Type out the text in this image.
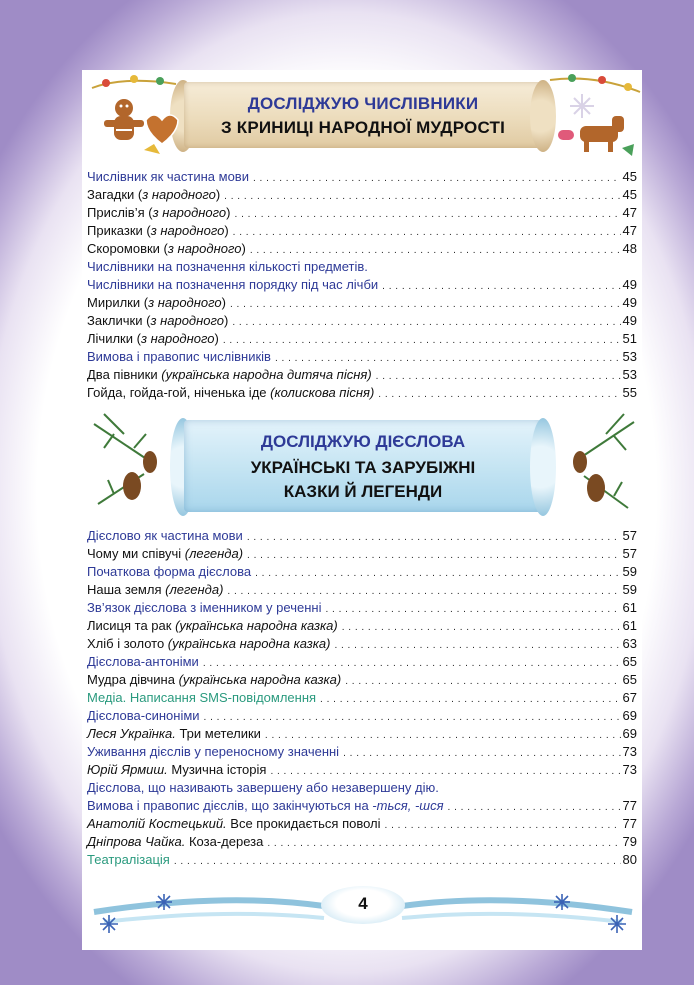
ДОСЛІДЖУЮ ЧИСЛІВНИКИ
З КРИНИЦІ НАРОДНОЇ МУДРОСТІ
Числівник як частина мови . . .	45
Загадки (з народного) . . .	45
Прислів’я (з народного) . . .	47
Приказки (з народного) . . .	47
Скоромовки (з народного) . . .	48
Числівники на позначення кількості предметів.
Числівники на позначення порядку під час лічби . . .	49
Мирилки (з народного) . . .	49
Заклички (з народного) . . .	49
Лічилки (з народного) . . .	51
Вимова і правопис числівників . . .	53
Два півники (українська народна дитяча пісня) . . .	53
Гойда, гойда-гой, ніченька іде (колискова пісня) . . .	55
ДОСЛІДЖУЮ ДІЄСЛОВА
УКРАЇНСЬКІ ТА ЗАРУБІЖНІ
КАЗКИ Й ЛЕГЕНДИ
Дієслово як частина мови . . .	57
Чому ми співучі (легенда) . . .	57
Початкова форма дієслова . . .	59
Наша земля (легенда) . . .	59
Зв’язок дієслова з іменником у реченні . . .	61
Лисиця та рак (українська народна казка) . . .	61
Хліб і золото (українська народна казка) . . .	63
Дієслова-антоніми . . .	65
Мудра дівчина (українська народна казка) . . .	65
Медіа. Написання SMS-повідомлення . . .	67
Дієслова-синоніми . . .	69
Леся Українка. Три метелики . . .	69
Уживання дієслів у переносному значенні . . .	73
Юрій Ярмиш. Музична історія . . .	73
Дієслова, що називають завершену або незавершену дію.
Вимова і правопис дієслів, що закінчуються на -ться, -шся . . .	77
Анатолій Костецький. Все прокидається поволі . . .	77
Дніпрова Чайка. Коза-дереза . . .	79
Театралізація . . .	80
4
